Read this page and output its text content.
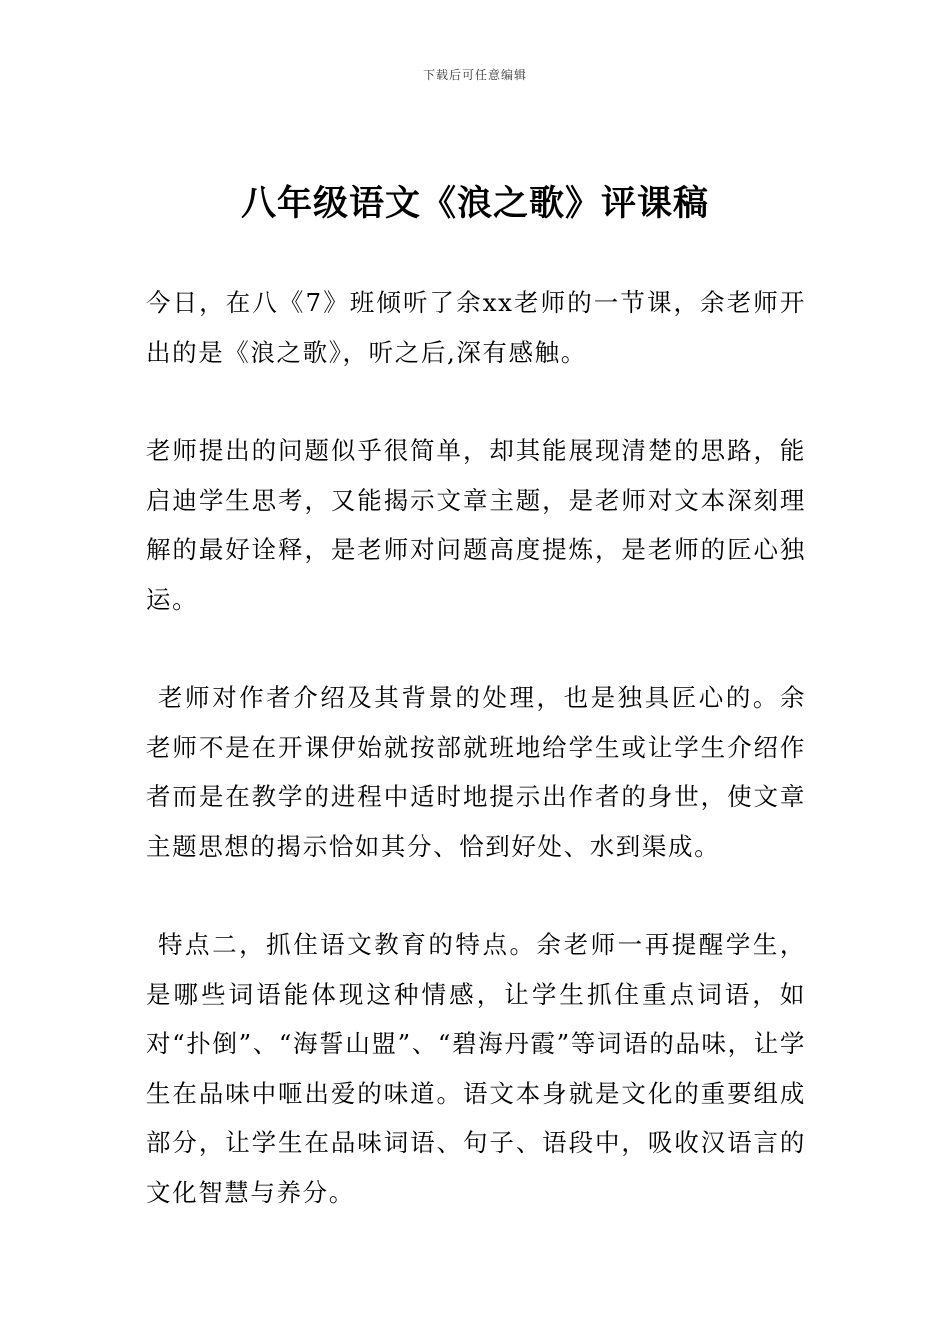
下载后可任意编辑
八年级语文《浪之歌》评课稿

今日，在八《7》班倾听了余xx老师的一节课，余老师开出的是《浪之歌》，听之后,深有感触。

老师提出的问题似乎很简单，却其能展现清楚的思路，能启迪学生思考，又能揭示文章主题，是老师对文本深刻理解的最好诠释，是老师对问题高度提炼，是老师的匠心独运。

老师对作者介绍及其背景的处理，也是独具匠心的。余老师不是在开课伊始就按部就班地给学生或让学生介绍作者而是在教学的进程中适时地提示出作者的身世，使文章主题思想的揭示恰如其分、恰到好处、水到渠成。

特点二，抓住语文教育的特点。余老师一再提醒学生，是哪些词语能体现这种情感，让学生抓住重点词语，如对“扑倒”、“海誓山盟”、“碧海丹霞”等词语的品味，让学生在品味中咂出爱的味道。语文本身就是文化的重要组成部分，让学生在品味词语、句子、语段中，吸收汉语言的文化智慧与养分。
